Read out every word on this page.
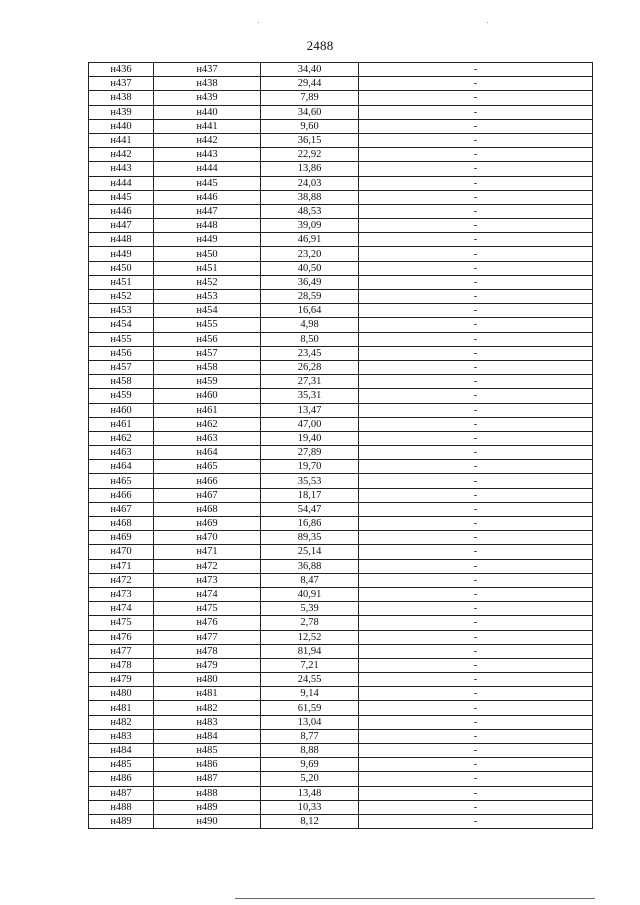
2488
н436	н437	34,40	-
н437	н438	29,44	-
н438	н439	7,89	-
н439	н440	34,60	-
н440	н441	9,60	-
н441	н442	36,15	-
н442	н443	22,92	-
н443	н444	13,86	-
н444	н445	24,03	-
н445	н446	38,88	-
н446	н447	48,53	-
н447	н448	39,09	-
н448	н449	46,91	-
н449	н450	23,20	-
н450	н451	40,50	-
н451	н452	36,49	-
н452	н453	28,59	-
н453	н454	16,64	-
н454	н455	4,98	-
н455	н456	8,50	-
н456	н457	23,45	-
н457	н458	26,28	-
н458	н459	27,31	-
н459	н460	35,31	-
н460	н461	13,47	-
н461	н462	47,00	-
н462	н463	19,40	-
н463	н464	27,89	-
н464	н465	19,70	-
н465	н466	35,53	-
н466	н467	18,17	-
н467	н468	54,47	-
н468	н469	16,86	-
н469	н470	89,35	-
н470	н471	25,14	-
н471	н472	36,88	-
н472	н473	8,47	-
н473	н474	40,91	-
н474	н475	5,39	-
н475	н476	2,78	-
н476	н477	12,52	-
н477	н478	81,94	-
н478	н479	7,21	-
н479	н480	24,55	-
н480	н481	9,14	-
н481	н482	61,59	-
н482	н483	13,04	-
н483	н484	8,77	-
н484	н485	8,88	-
н485	н486	9,69	-
н486	н487	5,20	-
н487	н488	13,48	-
н488	н489	10,33	-
н489	н490	8,12	-
